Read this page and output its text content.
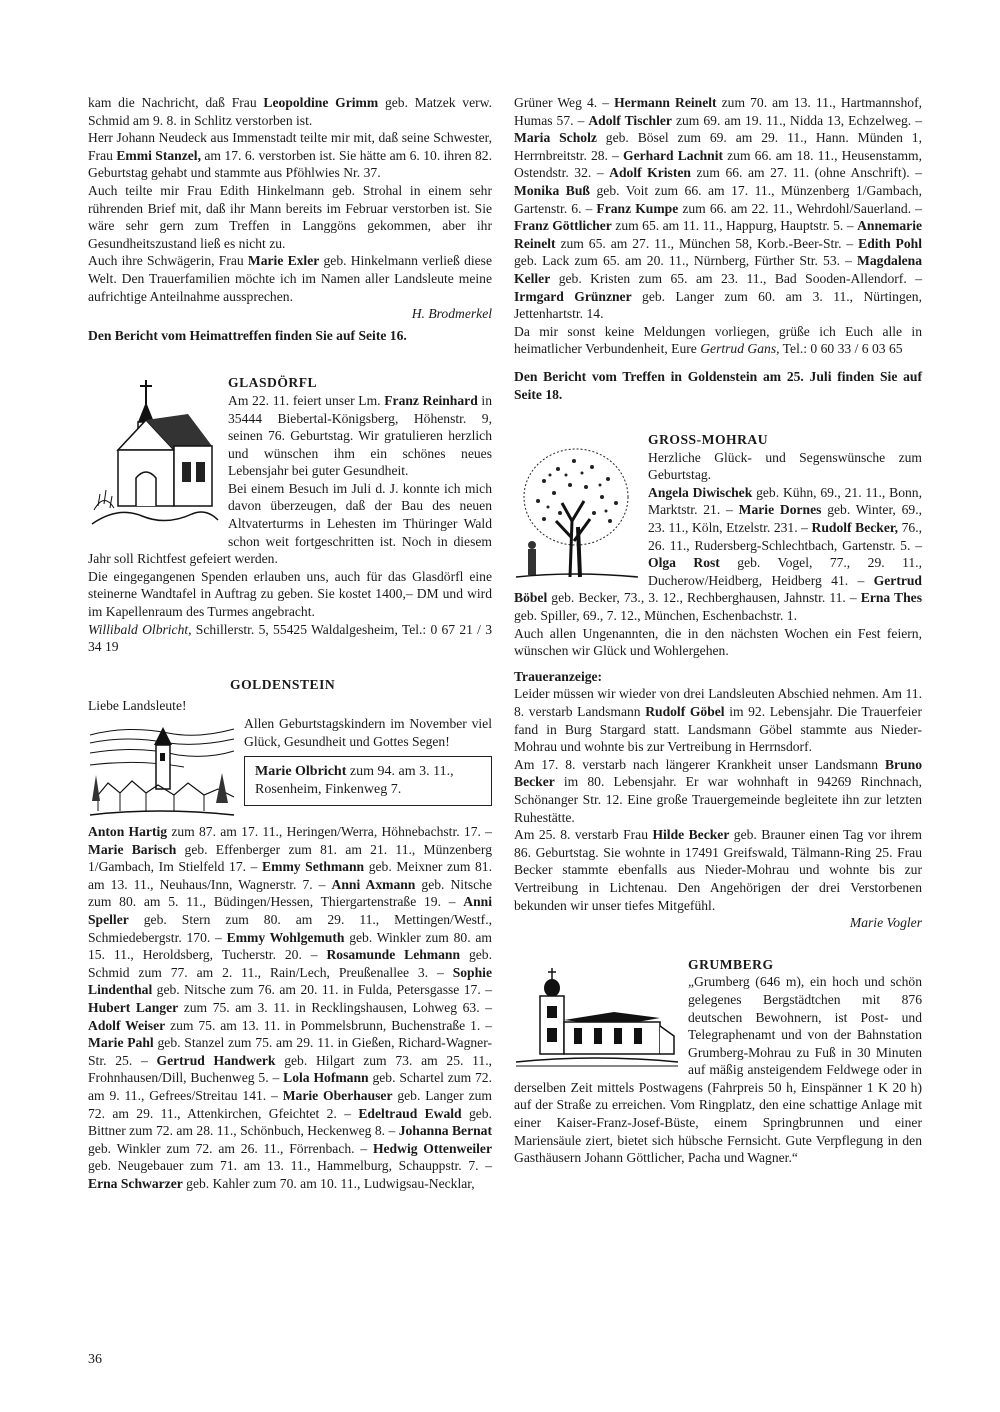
kam die Nachricht, daß Frau Leopoldine Grimm geb. Matzek verw. Schmid am 9. 8. in Schlitz verstorben ist.

Herr Johann Neudeck aus Immenstadt teilte mir mit, daß seine Schwester, Frau Emmi Stanzel, am 17. 6. verstorben ist. Sie hätte am 6. 10. ihren 82. Geburtstag gehabt und stammte aus Pföhlwies Nr. 37.

Auch teilte mir Frau Edith Hinkelmann geb. Strohal in einem sehr rührenden Brief mit, daß ihr Mann bereits im Februar verstorben ist. Sie wäre sehr gern zum Treffen in Langgöns gekommen, aber ihr Gesundheitszustand ließ es nicht zu.

Auch ihre Schwägerin, Frau Marie Exler geb. Hinkelmann verließ diese Welt. Den Trauerfamilien möchte ich im Namen aller Landsleute meine aufrichtige Anteilnahme aussprechen.

H. Brodmerkel

Den Bericht vom Heimattreffen finden Sie auf Seite 16.

GLASDÖRFL

Am 22. 11. feiert unser Lm. Franz Reinhard in 35444 Biebertal-Königsberg, Höhenstr. 9, seinen 76. Geburtstag. Wir gratulieren herzlich und wünschen ihm ein schönes neues Lebensjahr bei guter Gesundheit.

Bei einem Besuch im Juli d. J. konnte ich mich davon überzeugen, daß der Bau des neuen Altvaterturms in Lehesten im Thüringer Wald schon weit fortgeschritten ist. Noch in diesem Jahr soll Richtfest gefeiert werden.

Die eingegangenen Spenden erlauben uns, auch für das Glasdörfl eine steinerne Wandtafel in Auftrag zu geben. Sie kostet 1400,– DM und wird im Kapellenraum des Turmes angebracht.

Willibald Olbricht, Schillerstr. 5, 55425 Waldalgesheim, Tel.: 0 67 21 / 3 34 19

GOLDENSTEIN

Liebe Landsleute!

Allen Geburtstagskindern im November viel Glück, Gesundheit und Gottes Segen!

Marie Olbricht zum 94. am 3. 11., Rosenheim, Finkenweg 7.

Anton Hartig zum 87. am 17. 11., Heringen/Werra, Höhnebachstr. 17. – Marie Barisch geb. Effenberger zum 81. am 21. 11., Münzenberg 1/Gambach, Im Stielfeld 17. – Emmy Sethmann geb. Meixner zum 81. am 13. 11., Neuhaus/Inn, Wagnerstr. 7. – Anni Axmann geb. Nitsche zum 80. am 5. 11., Büdingen/Hessen, Thiergartenstraße 19. – Anni Speller geb. Stern zum 80. am 29. 11., Mettingen/Westf., Schmiedebergstr. 170. – Emmy Wohlgemuth geb. Winkler zum 80. am 15. 11., Heroldsberg, Tucherstr. 20. – Rosamunde Lehmann geb. Schmid zum 77. am 2. 11., Rain/Lech, Preußenallee 3. – Sophie Lindenthal geb. Nitsche zum 76. am 20. 11. in Fulda, Petersgasse 17. – Hubert Langer zum 75. am 3. 11. in Recklingshausen, Lohweg 63. – Adolf Weiser zum 75. am 13. 11. in Pommelsbrunn, Buchenstraße 1. – Marie Pahl geb. Stanzel zum 75. am 29. 11. in Gießen, Richard-Wagner-Str. 25. – Gertrud Handwerk geb. Hilgart zum 73. am 25. 11., Frohnhausen/Dill, Buchenweg 5. – Lola Hofmann geb. Schartel zum 72. am 9. 11., Gefrees/Streitau 141. – Marie Oberhauser geb. Langer zum 72. am 29. 11., Attenkirchen, Gfeichtet 2. – Edeltraud Ewald geb. Bittner zum 72. am 28. 11., Schönbuch, Heckenweg 8. – Johanna Bernat geb. Winkler zum 72. am 26. 11., Förrenbach. – Hedwig Ottenweiler geb. Neugebauer zum 71. am 13. 11., Hammelburg, Schauppstr. 7. – Erna Schwarzer geb. Kahler zum 70. am 10. 11., Ludwigsau-Necklar,

Grüner Weg 4. – Hermann Reinelt zum 70. am 13. 11., Hartmannshof, Humas 57. – Adolf Tischler zum 69. am 19. 11., Nidda 13, Echzelweg. – Maria Scholz geb. Bösel zum 69. am 29. 11., Hann. Münden 1, Herrnbreitstr. 28. – Gerhard Lachnit zum 66. am 18. 11., Heusenstamm, Ostendstr. 32. – Adolf Kristen zum 66. am 27. 11. (ohne Anschrift). – Monika Buß geb. Voit zum 66. am 17. 11., Münzenberg 1/Gambach, Gartenstr. 6. – Franz Kumpe zum 66. am 22. 11., Wehrdohl/Sauerland. – Franz Göttlicher zum 65. am 11. 11., Happurg, Hauptstr. 5. – Annemarie Reinelt zum 65. am 27. 11., München 58, Korb.-Beer-Str. – Edith Pohl geb. Lack zum 65. am 20. 11., Nürnberg, Fürther Str. 53. – Magdalena Keller geb. Kristen zum 65. am 23. 11., Bad Sooden-Allendorf. – Irmgard Grünzner geb. Langer zum 60. am 3. 11., Nürtingen, Jettenhartstr. 14.

Da mir sonst keine Meldungen vorliegen, grüße ich Euch alle in heimatlicher Verbundenheit, Eure Gertrud Gans, Tel.: 0 60 33 / 6 03 65

Den Bericht vom Treffen in Goldenstein am 25. Juli finden Sie auf Seite 18.

GROSS-MOHRAU

Herzliche Glück- und Segenswünsche zum Geburtstag.

Angela Diwischek geb. Kühn, 69., 21. 11., Bonn, Marktstr. 21. – Marie Dornes geb. Winter, 69., 23. 11., Köln, Etzelstr. 231. – Rudolf Becker, 76., 26. 11., Rudersberg-Schlechtbach, Gartenstr. 5. – Olga Rost geb. Vogel, 77., 29. 11., Ducherow/Heidberg, Heidberg 41. – Gertrud Böbel geb. Becker, 73., 3. 12., Rechberghausen, Jahnstr. 11. – Erna Thes geb. Spiller, 69., 7. 12., München, Eschenbachstr. 1.

Auch allen Ungenannten, die in den nächsten Wochen ein Fest feiern, wünschen wir Glück und Wohlergehen.

Traueranzeige:

Leider müssen wir wieder von drei Landsleuten Abschied nehmen. Am 11. 8. verstarb Landsmann Rudolf Göbel im 92. Lebensjahr. Die Trauerfeier fand in Burg Stargard statt. Landsmann Göbel stammte aus Nieder-Mohrau und wohnte bis zur Vertreibung in Herrnsdorf.

Am 17. 8. verstarb nach längerer Krankheit unser Landsmann Bruno Becker im 80. Lebensjahr. Er war wohnhaft in 94269 Rinchnach, Schönanger Str. 12. Eine große Trauergemeinde begleitete ihn zur letzten Ruhestätte.

Am 25. 8. verstarb Frau Hilde Becker geb. Brauner einen Tag vor ihrem 86. Geburtstag. Sie wohnte in 17491 Greifswald, Tälmann-Ring 25. Frau Becker stammte ebenfalls aus Nieder-Mohrau und wohnte bis zur Vertreibung in Lichtenau. Den Angehörigen der drei Verstorbenen bekunden wir unser tiefes Mitgefühl.

Marie Vogler

GRUMBERG

„Grumberg (646 m), ein hoch und schön gelegenes Bergstädtchen mit 876 deutschen Bewohnern, ist Post- und Telegraphenamt und von der Bahnstation Grumberg-Mohrau zu Fuß in 30 Minuten auf mäßig ansteigendem Feldwege oder in derselben Zeit mittels Postwagens (Fahrpreis 50 h, Einspänner 1 K 20 h) auf der Straße zu erreichen. Vom Ringplatz, den eine schattige Anlage mit einer Kaiser-Franz-Josef-Büste, einem Springbrunnen und einer Mariensäule ziert, bietet sich hübsche Fernsicht. Gute Verpflegung in den Gasthäusern Johann Göttlicher, Pacha und Wagner.“

36
